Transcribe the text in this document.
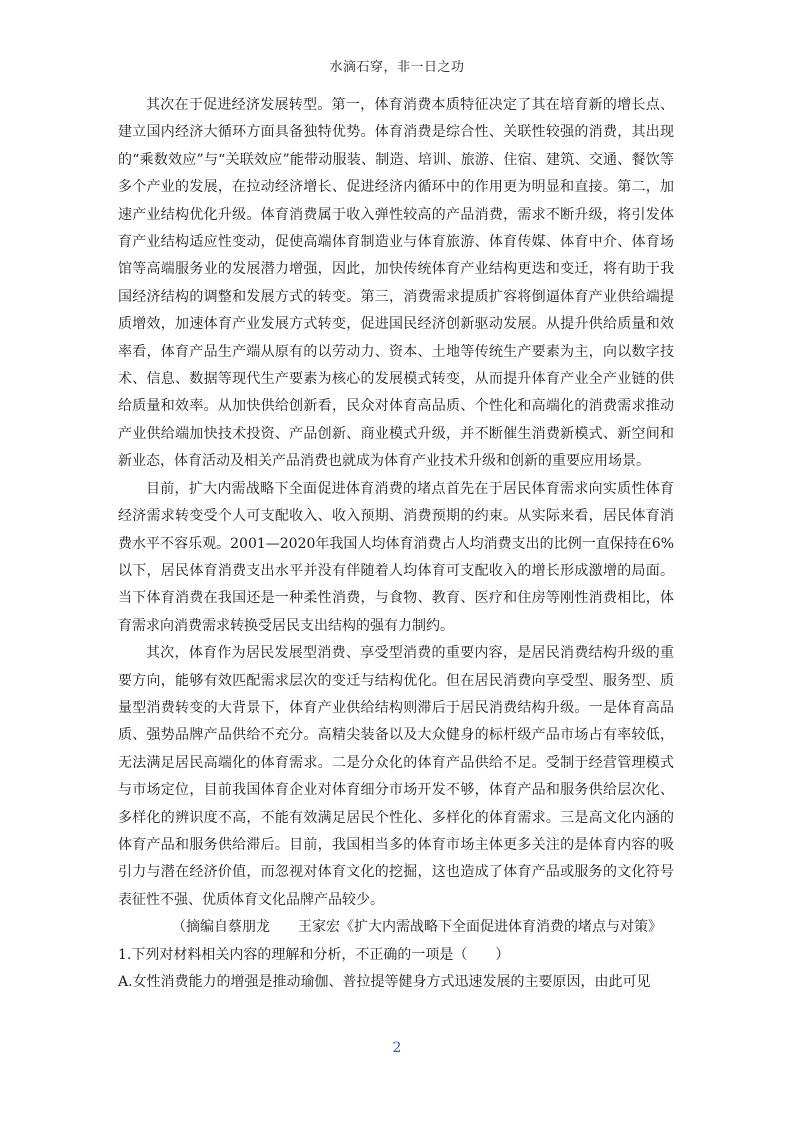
水滴石穿，非一日之功

其次在于促进经济发展转型。第一，体育消费本质特征决定了其在培育新的增长点、建立国内经济大循环方面具备独特优势。体育消费是综合性、关联性较强的消费，其出现的“乘数效应”与“关联效应”能带动服装、制造、培训、旅游、住宿、建筑、交通、餐饮等多个产业的发展，在拉动经济增长、促进经济内循环中的作用更为明显和直接。第二，加速产业结构优化升级。体育消费属于收入弹性较高的产品消费，需求不断升级，将引发体育产业结构适应性变动，促使高端体育制造业与体育旅游、体育传媒、体育中介、体育场馆等高端服务业的发展潜力增强，因此，加快传统体育产业结构更迭和变迁，将有助于我国经济结构的调整和发展方式的转变。第三，消费需求提质扩容将倒逼体育产业供给端提质增效，加速体育产业发展方式转变，促进国民经济创新驱动发展。从提升供给质量和效率看，体育产品生产端从原有的以劳动力、资本、土地等传统生产要素为主，向以数字技术、信息、数据等现代生产要素为核心的发展模式转变，从而提升体育产业全产业链的供给质量和效率。从加快供给创新看，民众对体育高品质、个性化和高端化的消费需求推动产业供给端加快技术投资、产品创新、商业模式升级，并不断催生消费新模式、新空间和新业态，体育活动及相关产品消费也就成为体育产业技术升级和创新的重要应用场景。

目前，扩大内需战略下全面促进体育消费的堵点首先在于居民体育需求向实质性体育经济需求转变受个人可支配收入、收入预期、消费预期的约束。从实际来看，居民体育消费水平不容乐观。2001—2020年我国人均体育消费占人均消费支出的比例一直保持在6%以下，居民体育消费支出水平并没有伴随着人均体育可支配收入的增长形成激增的局面。当下体育消费在我国还是一种柔性消费，与食物、教育、医疗和住房等刚性消费相比，体育需求向消费需求转换受居民支出结构的强有力制约。

其次，体育作为居民发展型消费、享受型消费的重要内容，是居民消费结构升级的重要方向，能够有效匹配需求层次的变迁与结构优化。但在居民消费向享受型、服务型、质量型消费转变的大背景下，体育产业供给结构则滞后于居民消费结构升级。一是体育高品质、强势品牌产品供给不充分。高精尖装备以及大众健身的标杆级产品市场占有率较低，无法满足居民高端化的体育需求。二是分众化的体育产品供给不足。受制于经营管理模式与市场定位，目前我国体育企业对体育细分市场开发不够，体育产品和服务供给层次化、多样化的辨识度不高，不能有效满足居民个性化、多样化的体育需求。三是高文化内涵的体育产品和服务供给滞后。目前，我国相当多的体育市场主体更多关注的是体育内容的吸引力与潜在经济价值，而忽视对体育文化的挖掘，这也造成了体育产品或服务的文化符号表征性不强、优质体育文化品牌产品较少。

（摘编自蔡朋龙　　王家宏《扩大内需战略下全面促进体育消费的堵点与对策》

1.下列对材料相关内容的理解和分析，不正确的一项是（　　）

A.女性消费能力的增强是推动瑜伽、普拉提等健身方式迅速发展的主要原因，由此可见

2
